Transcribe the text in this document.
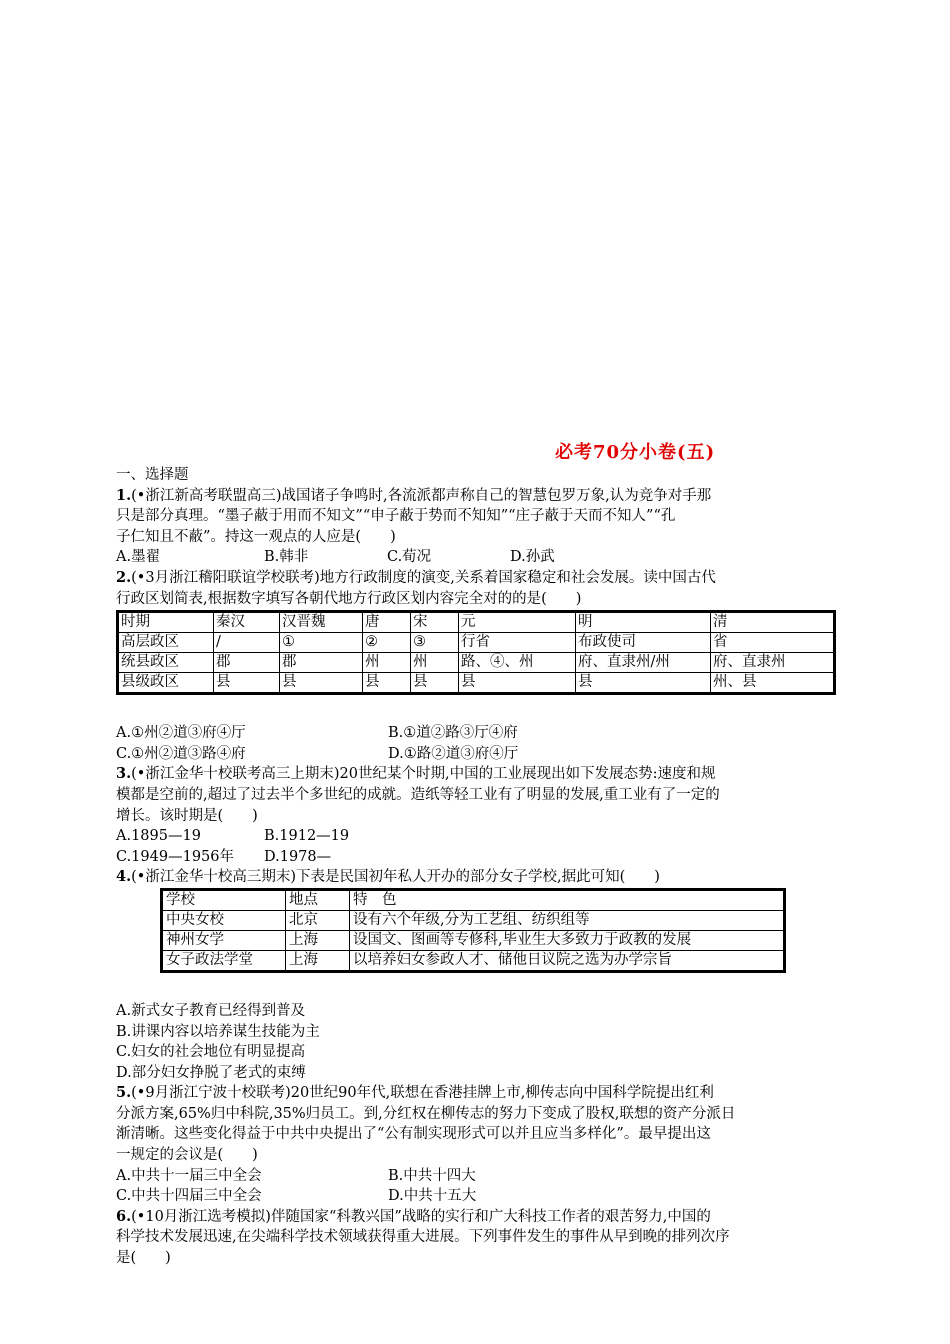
必考70分小卷(五)
一、选择题
1.(•浙江新高考联盟高三)战国诸子争鸣时,各流派都声称自己的智慧包罗万象,认为竞争对手那
只是部分真理。“墨子蔽于用而不知文”“申子蔽于势而不知知”“庄子蔽于天而不知人”“孔
子仁知且不蔽”。持这一观点的人应是(　　)
A.墨翟	B.韩非	C.荀况	D.孙武
2.(•3月浙江稽阳联谊学校联考)地方行政制度的演变,关系着国家稳定和社会发展。读中国古代
行政区划简表,根据数字填写各朝代地方行政区划内容完全对的的是(　　)
时期	秦汉	汉晋魏	唐	宋	元	明	清
高层政区	/	①	②	③	行省	布政使司	省
统县政区	郡	郡	州	州	路、④、州	府、直隶州/州	府、直隶州
县级政区	县	县	县	县	县	县	州、县
A.①州②道③府④厅	B.①道②路③厅④府
C.①州②道③路④府	D.①路②道③府④厅
3.(•浙江金华十校联考高三上期末)20世纪某个时期,中国的工业展现出如下发展态势:速度和规
模都是空前的,超过了过去半个多世纪的成就。造纸等轻工业有了明显的发展,重工业有了一定的
增长。该时期是(　　)
A.1895—19	B.1912—19
C.1949—1956年	D.1978—
4.(•浙江金华十校高三期末)下表是民国初年私人开办的部分女子学校,据此可知(　　)
学校	地点	特　色
中央女校	北京	设有六个年级,分为工艺组、纺织组等
神州女学	上海	设国文、图画等专修科,毕业生大多致力于政教的发展
女子政法学堂	上海	以培养妇女参政人才、储他日议院之选为办学宗旨
A.新式女子教育已经得到普及
B.讲课内容以培养谋生技能为主
C.妇女的社会地位有明显提高
D.部分妇女挣脱了老式的束缚
5.(•9月浙江宁波十校联考)20世纪90年代,联想在香港挂牌上市,柳传志向中国科学院提出红利
分派方案,65%归中科院,35%归员工。到,分红权在柳传志的努力下变成了股权,联想的资产分派日
渐清晰。这些变化得益于中共中央提出了“公有制实现形式可以并且应当多样化”。最早提出这
一规定的会议是(　　)
A.中共十一届三中全会	B.中共十四大
C.中共十四届三中全会	D.中共十五大
6.(•10月浙江选考模拟)伴随国家“科教兴国”战略的实行和广大科技工作者的艰苦努力,中国的
科学技术发展迅速,在尖端科学技术领域获得重大进展。下列事件发生的事件从早到晚的排列次序
是(　　)
